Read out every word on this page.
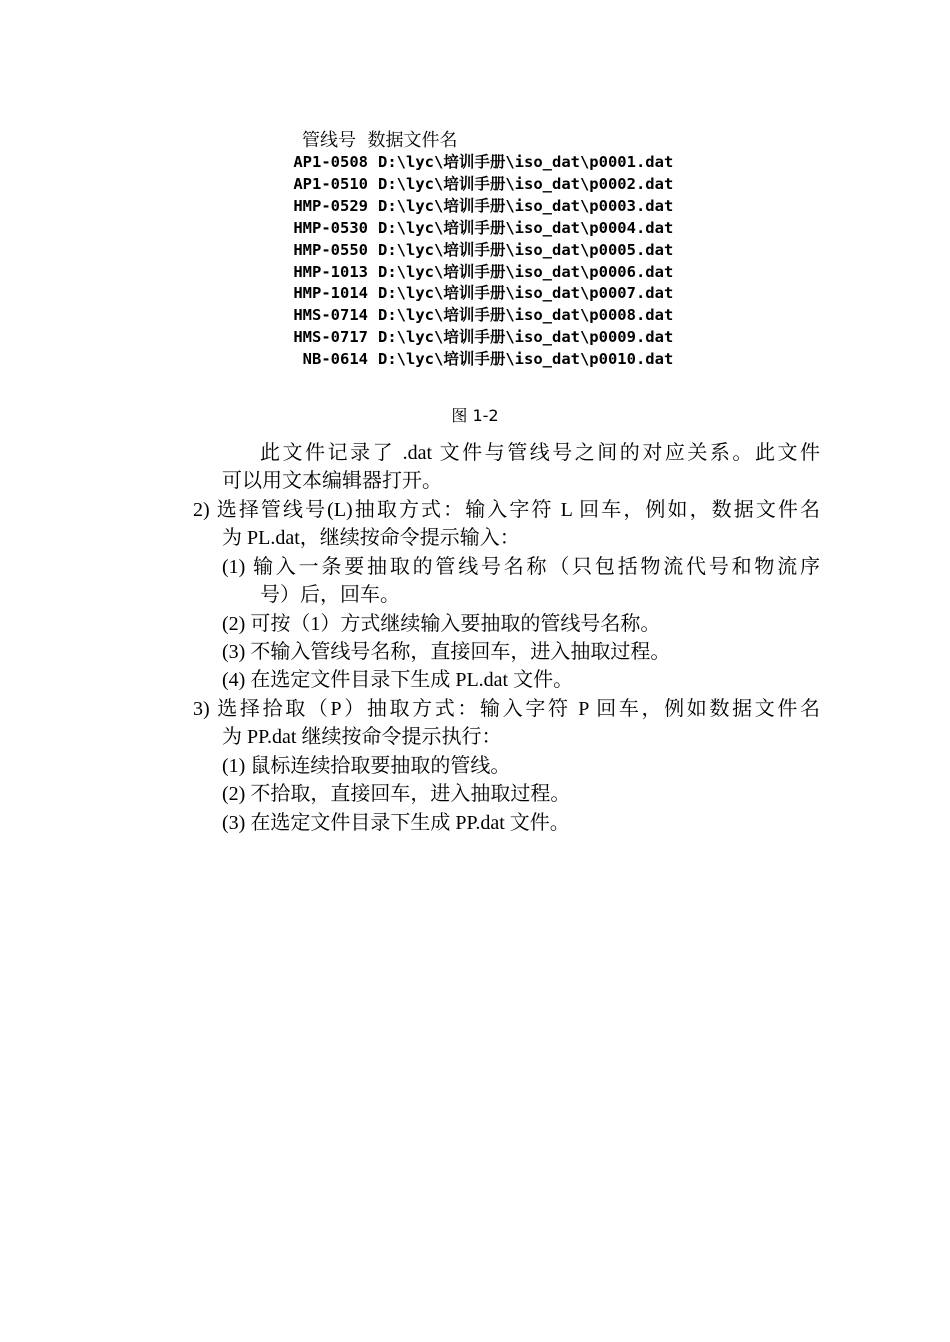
管线号  数据文件名
AP1-0508 D:\lyc\培训手册\iso_dat\p0001.dat
AP1-0510 D:\lyc\培训手册\iso_dat\p0002.dat
HMP-0529 D:\lyc\培训手册\iso_dat\p0003.dat
HMP-0530 D:\lyc\培训手册\iso_dat\p0004.dat
HMP-0550 D:\lyc\培训手册\iso_dat\p0005.dat
HMP-1013 D:\lyc\培训手册\iso_dat\p0006.dat
HMP-1014 D:\lyc\培训手册\iso_dat\p0007.dat
HMS-0714 D:\lyc\培训手册\iso_dat\p0008.dat
HMS-0717 D:\lyc\培训手册\iso_dat\p0009.dat
NB-0614 D:\lyc\培训手册\iso_dat\p0010.dat
图 1-2
此文件记录了 .dat 文件与管线号之间的对应关系。此文件
可以用文本编辑器打开。
2) 选择管线号(L)抽取方式：输入字符 L 回车，例如，数据文件名
为 PL.dat，继续按命令提示输入：
(1) 输入一条要抽取的管线号名称（只包括物流代号和物流序
号）后，回车。
(2) 可按（1）方式继续输入要抽取的管线号名称。
(3) 不输入管线号名称，直接回车，进入抽取过程。
(4) 在选定文件目录下生成 PL.dat 文件。
3) 选择拾取（P）抽取方式：输入字符 P 回车，例如数据文件名
为 PP.dat 继续按命令提示执行：
(1) 鼠标连续拾取要抽取的管线。
(2) 不拾取，直接回车，进入抽取过程。
(3) 在选定文件目录下生成 PP.dat 文件。
